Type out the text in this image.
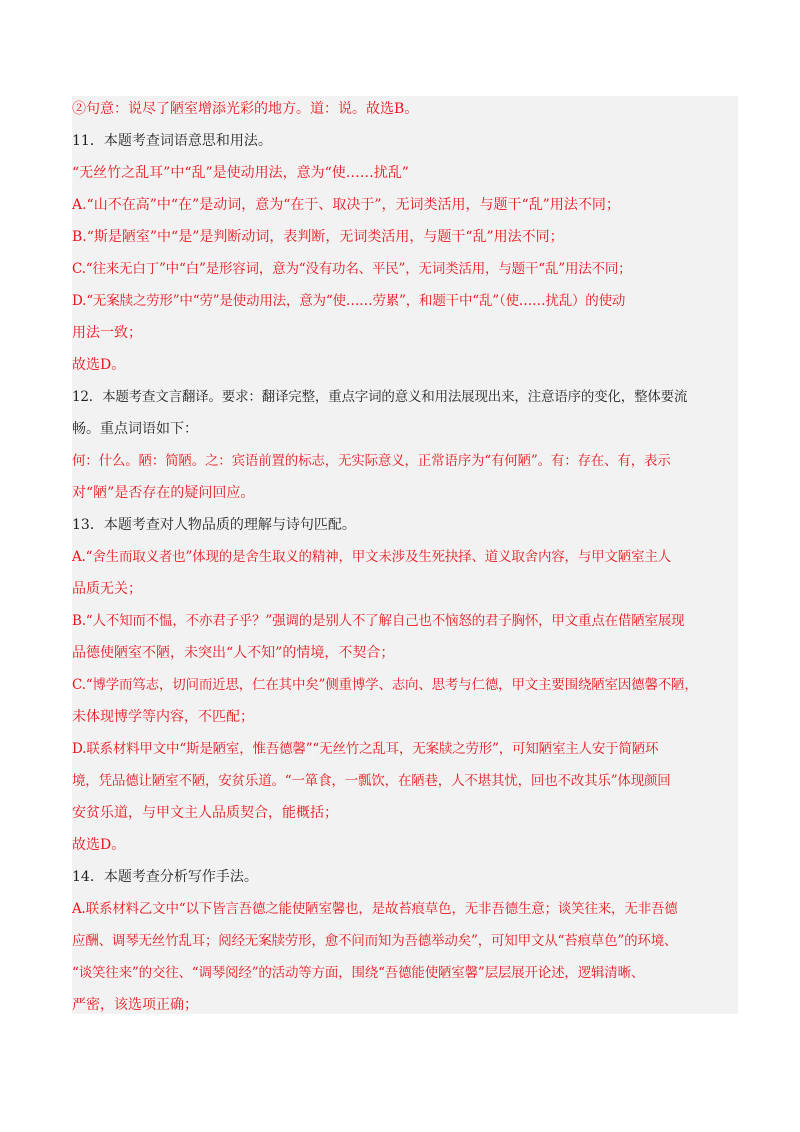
②句意：说尽了陋室增添光彩的地方。道：说。故选B。
11．本题考查词语意思和用法。
“无丝竹之乱耳”中“乱”是使动用法，意为“使……扰乱”
A.“山不在高”中“在”是动词，意为“在于、取决于”，无词类活用，与题干“乱”用法不同；
B.“斯是陋室”中“是”是判断动词，表判断，无词类活用，与题干“乱”用法不同；
C.“往来无白丁”中“白”是形容词，意为“没有功名、平民”，无词类活用，与题干“乱”用法不同；
D.“无案牍之劳形”中“劳”是使动用法，意为“使……劳累”，和题干中“乱”（使……扰乱）的使动
用法一致；
故选D。
12．本题考查文言翻译。要求：翻译完整，重点字词的意义和用法展现出来，注意语序的变化，整体要流
畅。重点词语如下：
何：什么。陋：简陋。之：宾语前置的标志，无实际意义，正常语序为“有何陋”。有：存在、有，表示
对“陋”是否存在的疑问回应。
13．本题考查对人物品质的理解与诗句匹配。
A.“舍生而取义者也”体现的是舍生取义的精神，甲文未涉及生死抉择、道义取舍内容，与甲文陋室主人
品质无关；
B.“人不知而不愠，不亦君子乎？”强调的是别人不了解自己也不恼怒的君子胸怀，甲文重点在借陋室展现
品德使陋室不陋，未突出“人不知”的情境，不契合；
C.“博学而笃志，切问而近思，仁在其中矣”侧重博学、志向、思考与仁德，甲文主要围绕陋室因德馨不陋，
未体现博学等内容，不匹配；
D.联系材料甲文中“斯是陋室，惟吾德馨”“无丝竹之乱耳，无案牍之劳形”，可知陋室主人安于简陋环
境，凭品德让陋室不陋，安贫乐道。“一箪食，一瓢饮，在陋巷，人不堪其忧，回也不改其乐”体现颜回
安贫乐道，与甲文主人品质契合，能概括；
故选D。
14．本题考查分析写作手法。
A.联系材料乙文中“以下皆言吾德之能使陋室馨也，是故苔痕草色，无非吾德生意；谈笑往来，无非吾德
应酬、调琴无丝竹乱耳；阅经无案牍劳形，愈不问而知为吾德举动矣”，可知甲文从“苔痕草色”的环境、
“谈笑往来”的交往、“调琴阅经”的活动等方面，围绕“吾德能使陋室馨”层层展开论述，逻辑清晰、
严密，该选项正确；
